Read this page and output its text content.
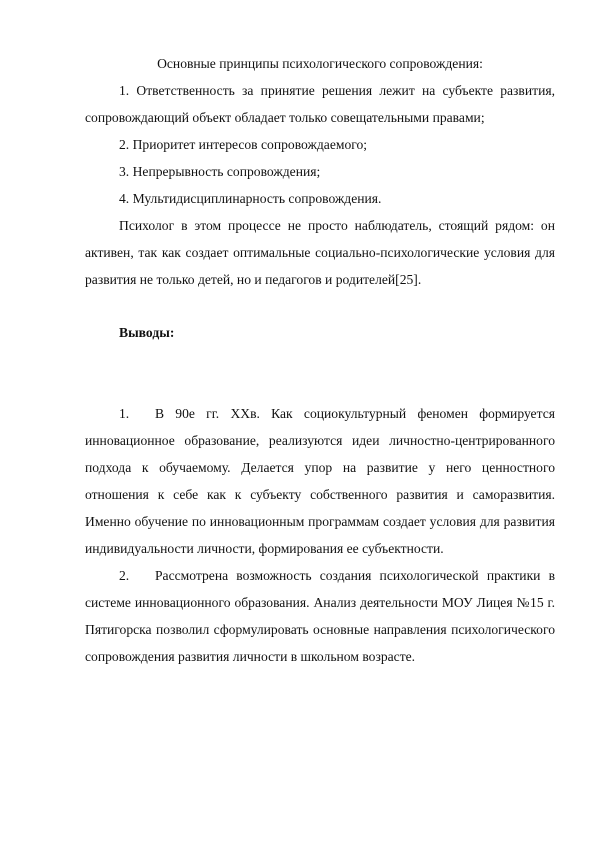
Основные принципы психологического сопровождения:

1. Ответственность за принятие решения лежит на субъекте развития, сопровождающий объект обладает только совещательными правами;

2. Приоритет интересов сопровождаемого;

3. Непрерывность сопровождения;

4. Мультидисциплинарность сопровождения.

Психолог в этом процессе не просто наблюдатель, стоящий рядом: он активен, так как создает оптимальные социально-психологические условия для развития не только детей, но и педагогов и родителей[25].

Выводы:

1. В 90е гг. XXв. Как социокультурный феномен формируется инновационное образование, реализуются идеи личностно-центрированного подхода к обучаемому. Делается упор на развитие у него ценностного отношения к себе как к субъекту собственного развития и саморазвития. Именно обучение по инновационным программам создает условия для развития индивидуальности личности, формирования ее субъектности.

2. Рассмотрена возможность создания психологической практики в системе инновационного образования. Анализ деятельности МОУ Лицея №15 г. Пятигорска позволил сформулировать основные направления психологического сопровождения развития личности в школьном возрасте.
